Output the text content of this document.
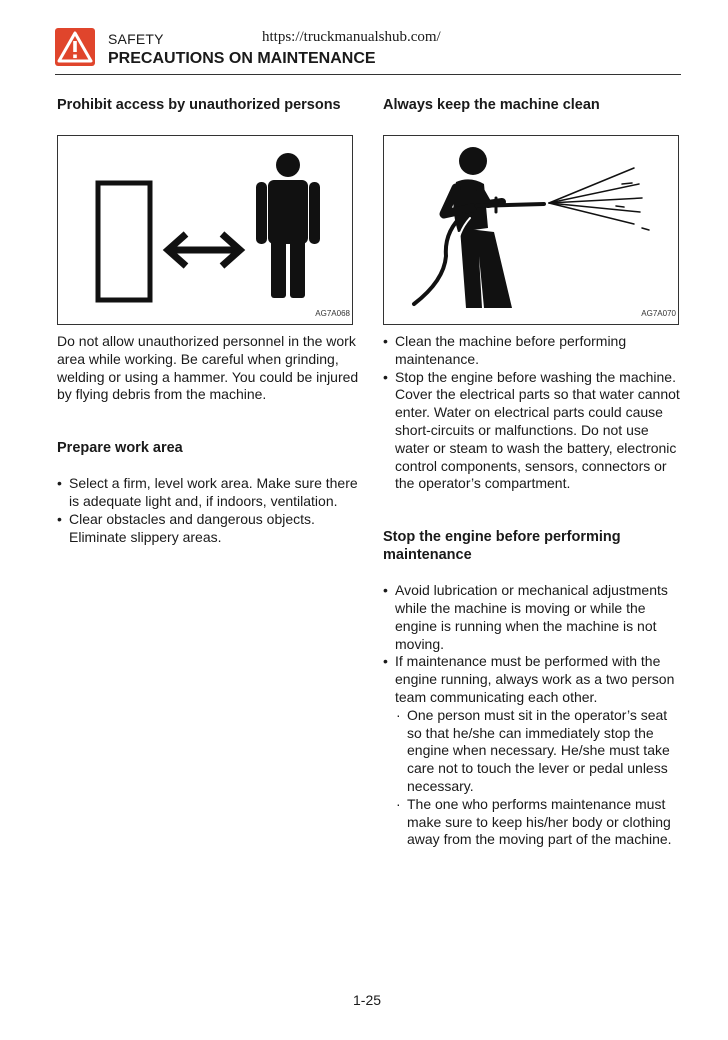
SAFETY	https://truckmanualshub.com/
PRECAUTIONS ON MAINTENANCE
Prohibit access by unauthorized persons
AG7A068

Do not allow unauthorized personnel in the work area while working. Be careful when grinding, welding or using a hammer. You could be injured by flying debris from the machine.

Prepare work area
• Select a firm, level work area. Make sure there is adequate light and, if indoors, ventilation.
• Clear obstacles and dangerous objects. Eliminate slippery areas.
Always keep the machine clean
AG7A070
• Clean the machine before performing maintenance.
• Stop the engine before washing the machine. Cover the electrical parts so that water cannot enter. Water on electrical parts could cause short-circuits or malfunctions. Do not use water or steam to wash the battery, electronic control components, sensors, connectors or the operator’s compartment.
Stop the engine before performing maintenance
• Avoid lubrication or mechanical adjustments while the machine is moving or while the engine is running when the machine is not moving.
• If maintenance must be performed with the engine running, always work as a two person team communicating each other.
· One person must sit in the operator’s seat so that he/she can immediately stop the engine when necessary. He/she must take care not to touch the lever or pedal unless necessary.
· The one who performs maintenance must make sure to keep his/her body or clothing away from the moving part of the machine.
1-25
